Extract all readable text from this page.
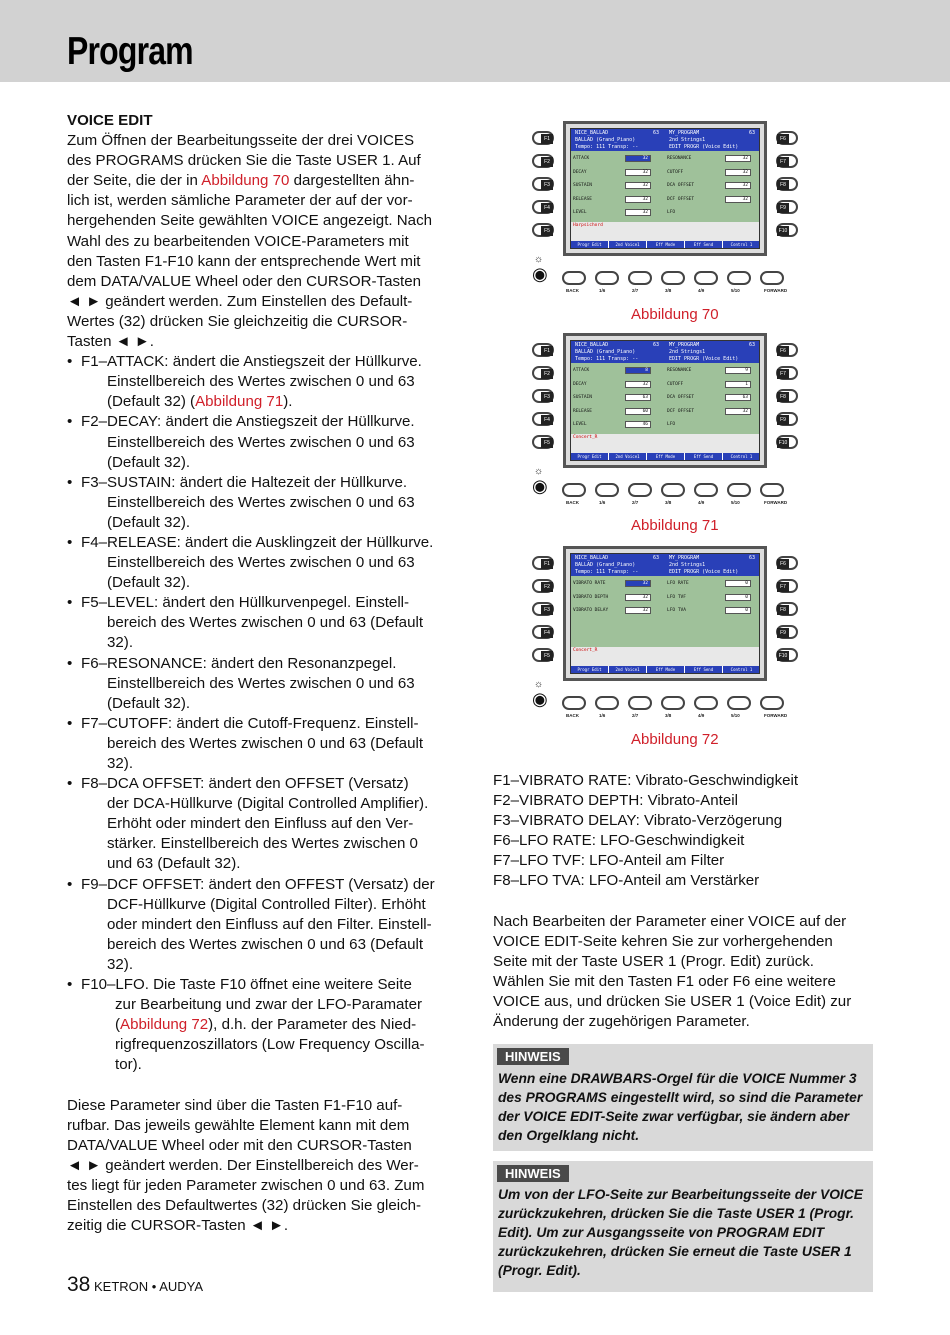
Program

VOICE EDIT

Zum Öffnen der Bearbeitungsseite der drei VOICES

des PROGRAMS drücken Sie die Taste USER 1. Auf

der Seite, die der in Abbildung 70 dargestellten ähn-

lich ist, werden sämliche Parameter der auf der vor-

hergehenden Seite gewählten VOICE angezeigt. Nach

Wahl des zu bearbeitenden VOICE-Parameters mit

den Tasten F1-F10 kann der entsprechende Wert mit

dem DATA/VALUE Wheel oder den CURSOR-Tasten

◄ ► geändert werden. Zum Einstellen des Default-

Wertes (32) drücken Sie gleichzeitig die CURSOR-

Tasten ◄ ►.

• F1–ATTACK: ändert die Anstiegszeit der Hüllkurve.
Einstellbereich des Wertes zwischen 0 und 63
(Default 32) (Abbildung 71).
• F2–DECAY: ändert die Anstiegszeit der Hüllkurve.
Einstellbereich des Wertes zwischen 0 und 63
(Default 32).
• F3–SUSTAIN: ändert die Haltezeit der Hüllkurve.
Einstellbereich des Wertes zwischen 0 und 63
(Default 32).
• F4–RELEASE: ändert die Ausklingzeit der Hüllkurve.
Einstellbereich des Wertes zwischen 0 und 63
(Default 32).
• F5–LEVEL: ändert den Hüllkurvenpegel. Einstell-
bereich des Wertes zwischen 0 und 63 (Default
32).
• F6–RESONANCE: ändert den Resonanzpegel.
Einstellbereich des Wertes zwischen 0 und 63
(Default 32).
• F7–CUTOFF: ändert die Cutoff-Frequenz. Einstell-
bereich des Wertes zwischen 0 und 63 (Default
32).
• F8–DCA OFFSET: ändert den OFFSET (Versatz)
der DCA-Hüllkurve (Digital Controlled Amplifier).
Erhöht oder mindert den Einfluss auf den Ver-
stärker. Einstellbereich des Wertes zwischen 0
und 63 (Default 32).
• F9–DCF OFFSET: ändert den OFFEST (Versatz) der
DCF-Hüllkurve (Digital Controlled Filter). Erhöht
oder mindert den Einfluss auf den Filter. Einstell-
bereich des Wertes zwischen 0 und 63 (Default
32).
• F10–LFO. Die Taste F10 öffnet eine weitere Seite
zur Bearbeitung und zwar der LFO-Paramater
(Abbildung 72), d.h. der Parameter des Nied-
rigfrequenzoszillators (Low Frequency Oscilla-
tor).

Diese Parameter sind über die Tasten F1-F10 auf-

rufbar. Das jeweils gewählte Element kann mit dem

DATA/VALUE Wheel oder mit den CURSOR-Tasten

◄ ► geändert werden. Der Einstellbereich des Wer-

tes liegt für jeden Parameter zwischen 0 und 63. Zum

Einstellen des Defaultwertes (32) drücken Sie gleich-

zeitig die CURSOR-Tasten ◄ ►.

NICE_BALLAD	63 MY_PROGRAM	63
BALLAD (Grand_Piano)	2nd Strings1
Tempo: 111 Transp: --	EDIT PROGR (Voice Edit)
ATTACK	32
DECAY	32
SUSTAIN	32
RELEASE	32
LEVEL	32
RESONANCE	32
CUTOFF	32
DCA OFFSET	32
DCF OFFSET	32
LFO
Harpsichord
Progr Edit	2nd Voice1	Eff Mode	Eff Send	Control 1
F1
F2
F3
F4
F5
F6
F7
F8
F9
F10
☼
◉
BACK	1/6	2/7	3/8	4/9	5/10	FORWARD
Abbildung 70
NICE_BALLAD	63 MY_PROGRAM	63
BALLAD (Grand_Piano)	2nd Strings1
Tempo: 111 Transp: --	EDIT PROGR (Voice Edit)
ATTACK	8
DECAY	32
SUSTAIN	63
RELEASE	60
LEVEL	46
RESONANCE	9
CUTOFF	1
DCA OFFSET	63
DCF OFFSET	32
LFO
Concert_R
Progr Edit	2nd Voice1	Eff Mode	Eff Send	Control 1
F1
F2
F3
F4
F5
F6
F7
F8
F9
F10
☼
◉
BACK	1/6	2/7	3/8	4/9	5/10	FORWARD
Abbildung 71
NICE_BALLAD	63 MY_PROGRAM	63
BALLAD (Grand_Piano)	2nd Strings1
Tempo: 111 Transp: --	EDIT PROGR (Voice Edit)
VIBRATO RATE	32
VIBRATO DEPTH	32
VIBRATO DELAY	32
LFO RATE	0
LFO TVF	0
LFO TVA	0
Concert_R
Progr Edit	2nd Voice1	Eff Mode	Eff Send	Control 1
F1
F2
F3
F4
F5
F6
F7
F8
F9
F10
☼
◉
BACK	1/6	2/7	3/8	4/9	5/10	FORWARD
Abbildung 72

F1–VIBRATO RATE: Vibrato-Geschwindigkeit

F2–VIBRATO DEPTH: Vibrato-Anteil

F3–VIBRATO DELAY: Vibrato-Verzögerung

F6–LFO RATE: LFO-Geschwindigkeit

F7–LFO TVF: LFO-Anteil am Filter

F8–LFO TVA: LFO-Anteil am Verstärker

Nach Bearbeiten der Parameter einer VOICE auf der

VOICE EDIT-Seite kehren Sie zur vorhergehenden

Seite mit der Taste USER 1 (Progr. Edit) zurück.

Wählen Sie mit den Tasten F1 oder F6 eine weitere

VOICE aus, und drücken Sie USER 1 (Voice Edit) zur

Änderung der zugehörigen Parameter.

HINWEIS
Wenn eine DRAWBARS-Orgel für die VOICE Nummer 3
des PROGRAMS eingestellt wird, so sind die Parameter
der VOICE EDIT-Seite zwar verfügbar, sie ändern aber
den Orgelklang nicht.
HINWEIS
Um von der LFO-Seite zur Bearbeitungsseite der VOICE
zurückzukehren, drücken Sie die Taste USER 1 (Progr.
Edit). Um zur Ausgangsseite von PROGRAM EDIT
zurückzukehren, drücken Sie erneut die Taste USER 1
(Progr. Edit).
38 KETRON • AUDYA
